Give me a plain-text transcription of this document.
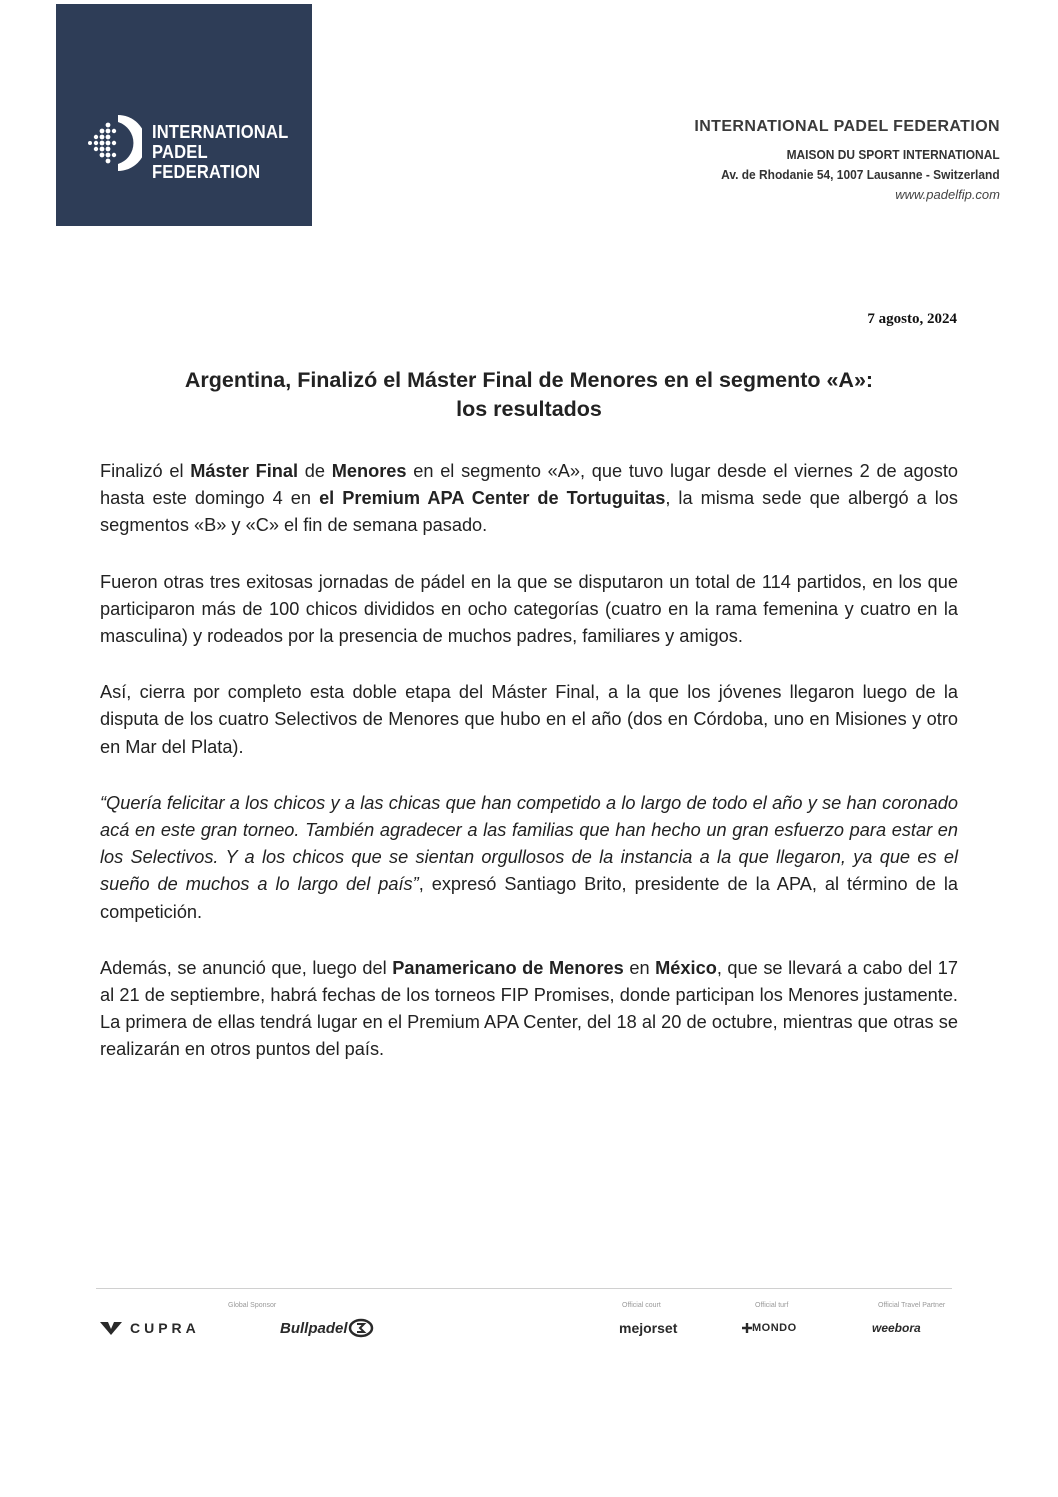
INTERNATIONAL
PADEL
FEDERATION
INTERNATIONAL PADEL FEDERATION
MAISON DU SPORT INTERNATIONAL
Av. de Rhodanie 54, 1007 Lausanne - Switzerland
www.padelfip.com
7 agosto, 2024
Argentina, Finalizó el Máster Final de Menores en el segmento «A»:
los resultados

Finalizó el Máster Final de Menores en el segmento «A», que tuvo lugar desde el viernes 2 de agosto hasta este domingo 4 en el Premium APA Center de Tortuguitas, la misma sede que albergó a los segmentos «B» y «C» el fin de semana pasado.

Fueron otras tres exitosas jornadas de pádel en la que se disputaron un total de 114 partidos, en los que participaron más de 100 chicos divididos en ocho categorías (cuatro en la rama femenina y cuatro en la masculina) y rodeados por la presencia de muchos padres, familiares y amigos.

Así, cierra por completo esta doble etapa del Máster Final, a la que los jóvenes llegaron luego de la disputa de los cuatro Selectivos de Menores que hubo en el año (dos en Córdoba, uno en Misiones y otro en Mar del Plata).

“Quería felicitar a los chicos y a las chicas que han competido a lo largo de todo el año y se han coronado acá en este gran torneo. También agradecer a las familias que han hecho un gran esfuerzo para estar en los Selectivos. Y a los chicos que se sientan orgullosos de la instancia a la que llegaron, ya que es el sueño de muchos a lo largo del país”, expresó Santiago Brito, presidente de la APA, al término de la competición.

Además, se anunció que, luego del Panamericano de Menores en México, que se llevará a cabo del 17 al 21 de septiembre, habrá fechas de los torneos FIP Promises, donde participan los Menores justamente. La primera de ellas tendrá lugar en el Premium APA Center, del 18 al 20 de octubre, mientras que otras se realizarán en otros puntos del país.

Global Sponsor	Official court	Official turf	Official Travel Partner
CUPRA	Bullpadel	mejorset	MONDO	weebora
